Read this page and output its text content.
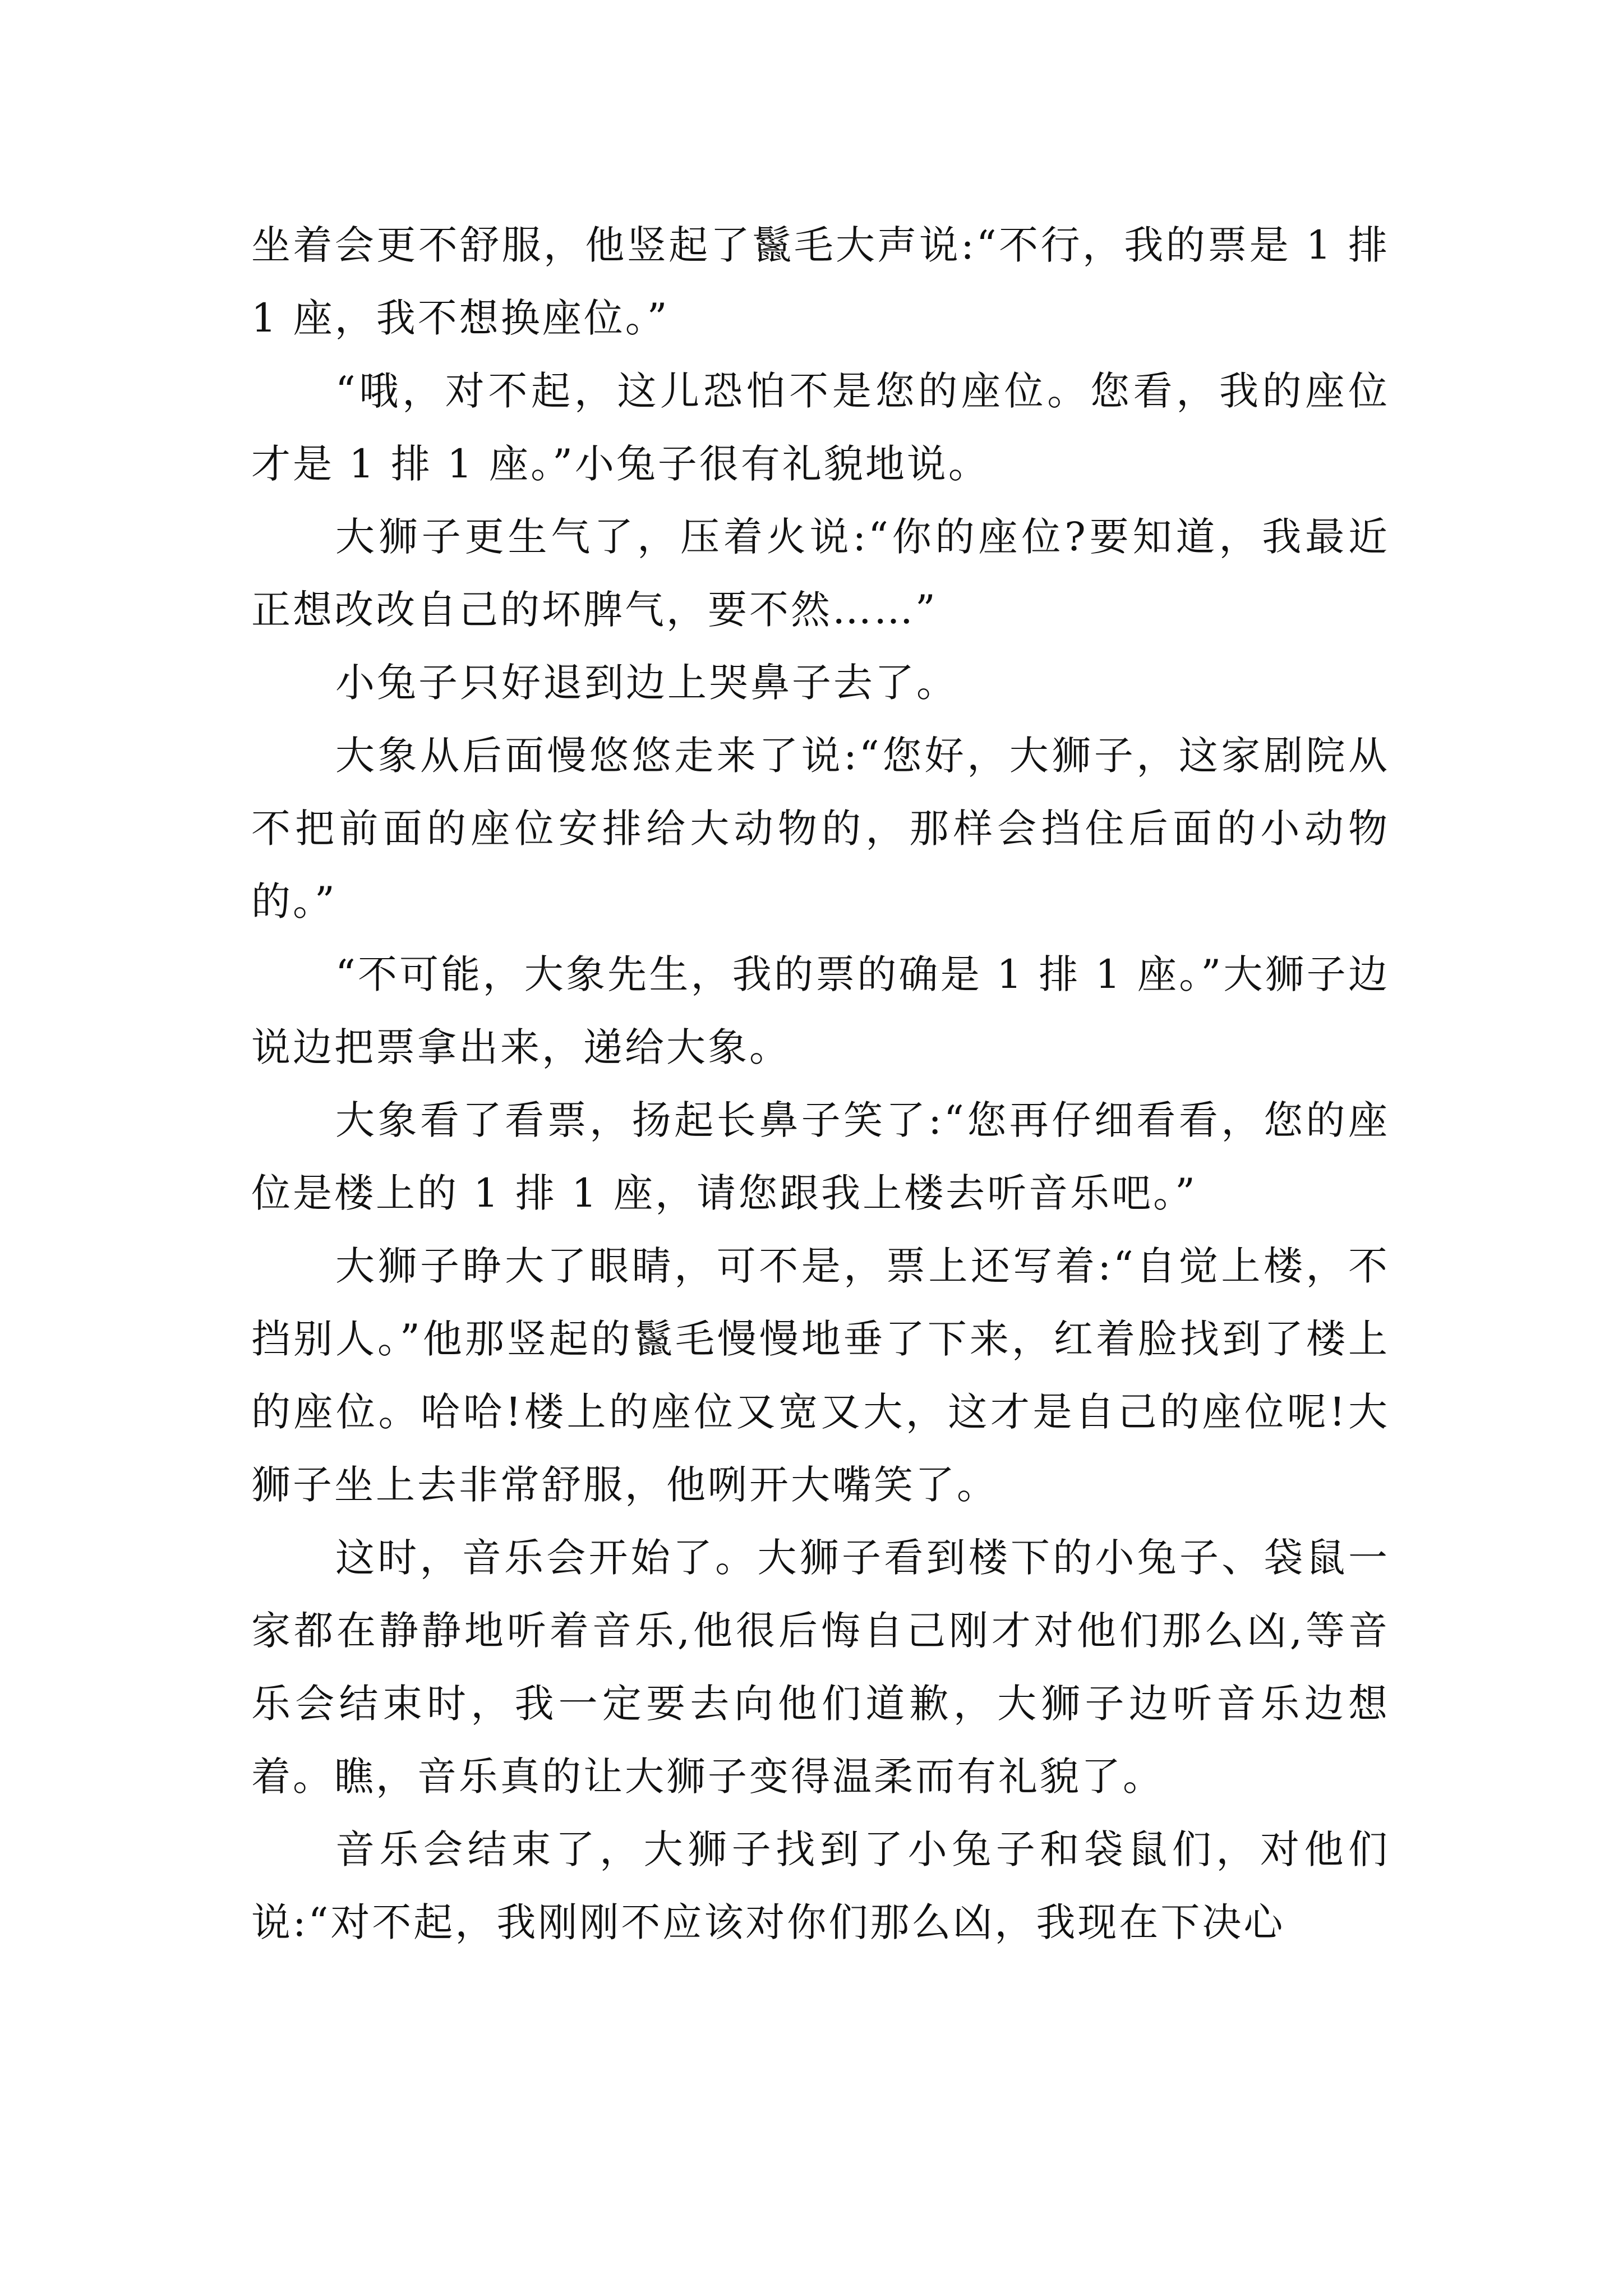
坐着会更不舒服，他竖起了鬣毛大声说:“不行，我的票是 1 排 1 座，我不想换座位。”

“哦，对不起，这儿恐怕不是您的座位。您看，我的座位才是 1 排 1 座。”小兔子很有礼貌地说。

大狮子更生气了，压着火说:“你的座位?要知道，我最近正想改改自己的坏脾气，要不然……”

小兔子只好退到边上哭鼻子去了。

大象从后面慢悠悠走来了说:“您好，大狮子，这家剧院从不把前面的座位安排给大动物的，那样会挡住后面的小动物的。”

“不可能，大象先生，我的票的确是 1 排 1 座。”大狮子边说边把票拿出来，递给大象。

大象看了看票，扬起长鼻子笑了:“您再仔细看看，您的座位是楼上的 1 排 1 座，请您跟我上楼去听音乐吧。”

大狮子睁大了眼睛，可不是，票上还写着:“自觉上楼，不挡别人。”他那竖起的鬣毛慢慢地垂了下来，红着脸找到了楼上的座位。哈哈!楼上的座位又宽又大，这才是自己的座位呢!大狮子坐上去非常舒服，他咧开大嘴笑了。

这时，音乐会开始了。大狮子看到楼下的小兔子、袋鼠一家都在静静地听着音乐,他很后悔自己刚才对他们那么凶,等音乐会结束时，我一定要去向他们道歉，大狮子边听音乐边想着。瞧，音乐真的让大狮子变得温柔而有礼貌了。

音乐会结束了，大狮子找到了小兔子和袋鼠们，对他们说:“对不起，我刚刚不应该对你们那么凶，我现在下决心
